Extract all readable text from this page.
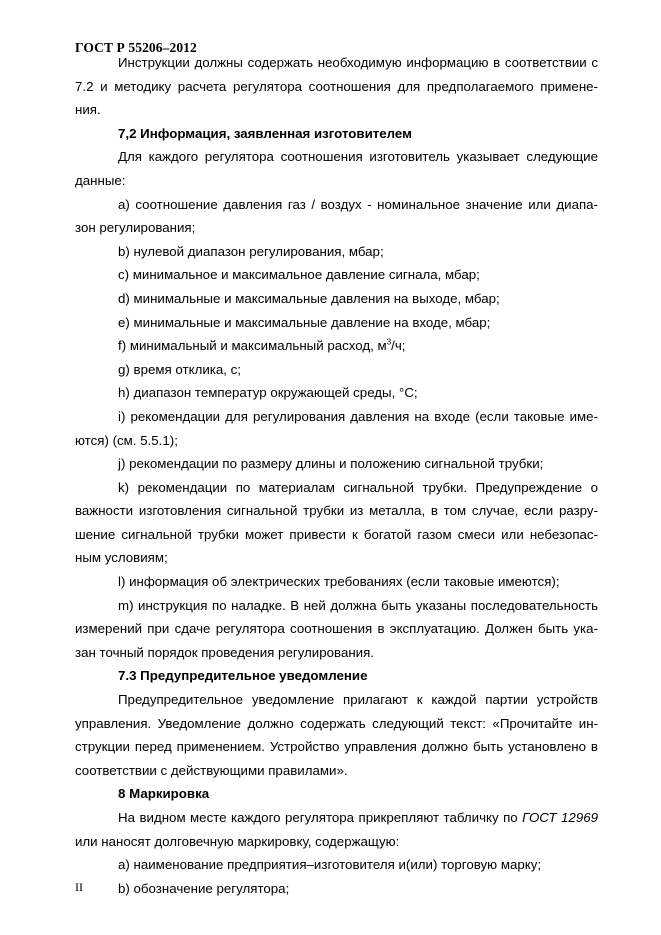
ГОСТ Р 55206–2012
Инструкции должны содержать необходимую информацию в соответствии с
7.2 и методику расчета регулятора соотношения для предполагаемого примене-
ния.
7,2 Информация, заявленная изготовителем
Для каждого регулятора соотношения изготовитель указывает следующие
данные:
а) соотношение давления газ / воздух - номинальное значение или диапа-
зон регулирования;
b) нулевой диапазон регулирования, мбар;
c) минимальное и максимальное давление сигнала, мбар;
d) минимальные и максимальные давления на выходе, мбар;
e) минимальные и максимальные давление на входе, мбар;
f) минимальный и максимальный расход, $м^3/ч$;
g) время отклика, с;
h) диапазон температур окружающей среды, °С;
i) рекомендации для регулирования давления на входе (если таковые име-
ются) (см. 5.5.1);
j) рекомендации по размеру длины и положению сигнальной трубки;
k) рекомендации по материалам сигнальной трубки. Предупреждение о
важности изготовления сигнальной трубки из металла, в том случае, если разру-
шение сигнальной трубки может привести к богатой газом смеси или небезопас-
ным условиям;
l) информация об электрических требованиях (если таковые имеются);
m) инструкция по наладке. В ней должна быть указаны последовательность
измерений при сдаче регулятора соотношения в эксплуатацию. Должен быть ука-
зан точный порядок проведения регулирования.
7.3 Предупредительное уведомление
Предупредительное уведомление прилагают к каждой партии устройств
управления. Уведомление должно содержать следующий текст: «Прочитайте ин-
струкции перед применением. Устройство управления должно быть установлено в
соответствии с действующими правилами».
8 Маркировка
На видном месте каждого регулятора прикрепляют табличку по ГОСТ 12969
или наносят долговечную маркировку, содержащую:
a) наименование предприятия–изготовителя и(или) торговую марку;
b) обозначение регулятора;
II
